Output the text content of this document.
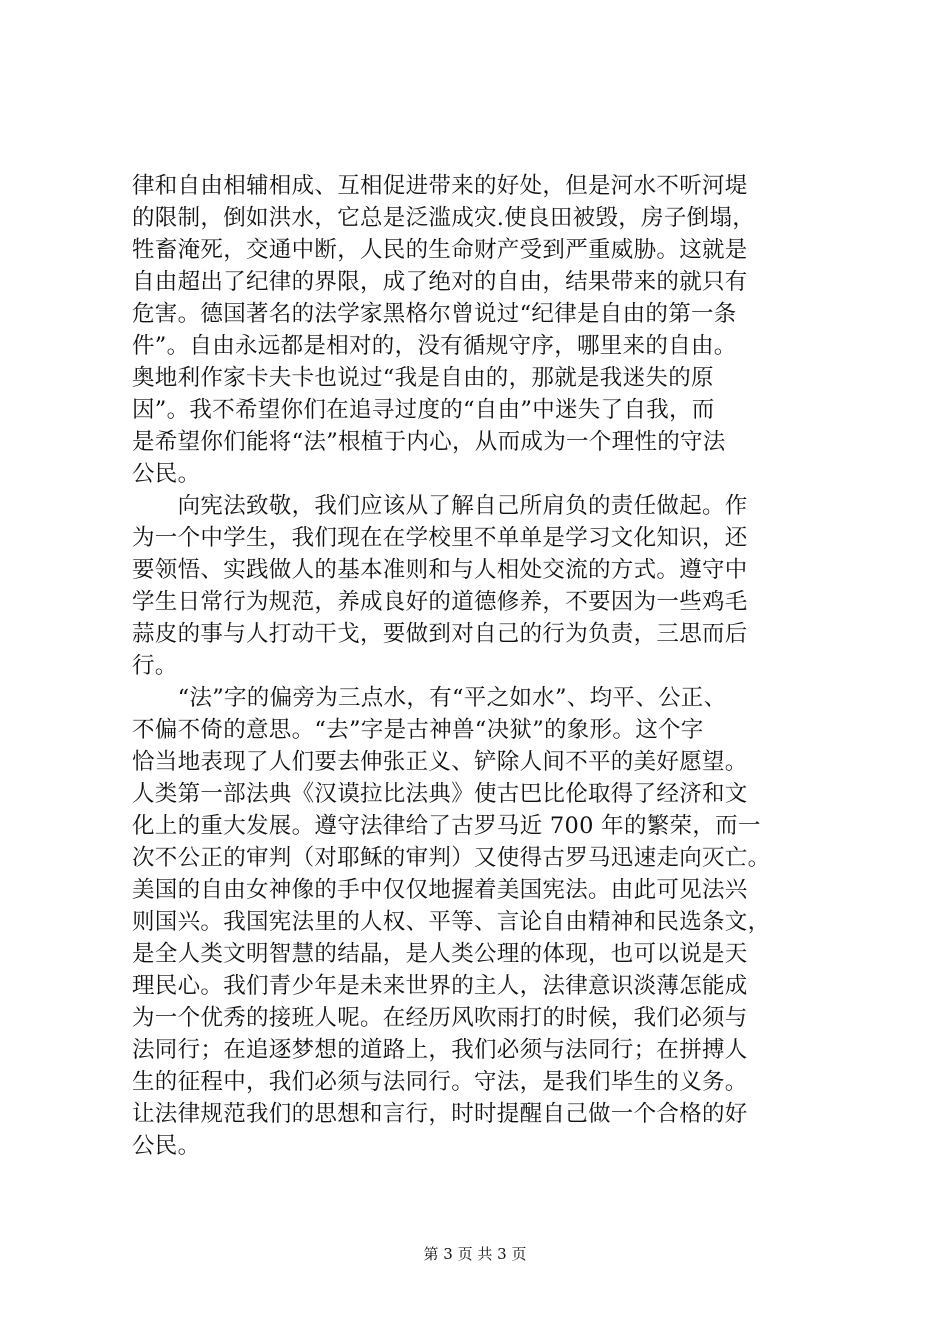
律和自由相辅相成、互相促进带来的好处，但是河水不听河堤
的限制，倒如洪水，它总是泛滥成灾.使良田被毁，房子倒塌，
牲畜淹死，交通中断，人民的生命财产受到严重威胁。这就是
自由超出了纪律的界限，成了绝对的自由，结果带来的就只有
危害。德国著名的法学家黑格尔曾说过“纪律是自由的第一条
件”。自由永远都是相对的，没有循规守序，哪里来的自由。
奥地利作家卡夫卡也说过“我是自由的，那就是我迷失的原
因”。我不希望你们在追寻过度的“自由”中迷失了自我，而
是希望你们能将“法”根植于内心，从而成为一个理性的守法
公民。
　　向宪法致敬，我们应该从了解自己所肩负的责任做起。作
为一个中学生，我们现在在学校里不单单是学习文化知识，还
要领悟、实践做人的基本准则和与人相处交流的方式。遵守中
学生日常行为规范，养成良好的道德修养，不要因为一些鸡毛
蒜皮的事与人打动干戈，要做到对自己的行为负责，三思而后
行。
　　“法”字的偏旁为三点水，有“平之如水”、均平、公正、
不偏不倚的意思。“去”字是古神兽“决狱”的象形。这个字
恰当地表现了人们要去伸张正义、铲除人间不平的美好愿望。
人类第一部法典《汉谟拉比法典》使古巴比伦取得了经济和文
化上的重大发展。遵守法律给了古罗马近 700 年的繁荣，而一
次不公正的审判（对耶稣的审判）又使得古罗马迅速走向灭亡。
美国的自由女神像的手中仅仅地握着美国宪法。由此可见法兴
则国兴。我国宪法里的人权、平等、言论自由精神和民选条文，
是全人类文明智慧的结晶，是人类公理的体现，也可以说是天
理民心。我们青少年是未来世界的主人，法律意识淡薄怎能成
为一个优秀的接班人呢。在经历风吹雨打的时候，我们必须与
法同行；在追逐梦想的道路上，我们必须与法同行；在拼搏人
生的征程中，我们必须与法同行。守法，是我们毕生的义务。
让法律规范我们的思想和言行，时时提醒自己做一个合格的好
公民。
第 3 页 共 3 页
